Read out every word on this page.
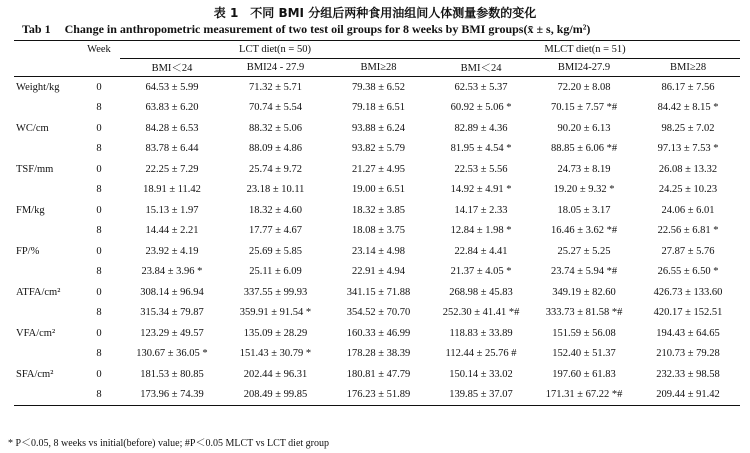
表 1　不同 BMI 分组后两种食用油组间人体测量参数的变化
Tab 1 Change in anthropometric measurement of two test oil groups for 8 weeks by BMI groups(x̄ ± s, kg/m²)
	Week	LCT diet(n = 50)			MLCT diet(n = 51)		
		BMI＜24	BMI24 - 27.9	BMI≥28	BMI＜24	BMI24-27.9	BMI≥28
Weight/kg	0	64.53 ± 5.99	71.32 ± 5.71	79.38 ± 6.52	62.53 ± 5.37	72.20 ± 8.08	86.17 ± 7.56
	8	63.83 ± 6.20	70.74 ± 5.54	79.18 ± 6.51	60.92 ± 5.06 *	70.15 ± 7.57 *#	84.42 ± 8.15 *
WC/cm	0	84.28 ± 6.53	88.32 ± 5.06	93.88 ± 6.24	82.89 ± 4.36	90.20 ± 6.13	98.25 ± 7.02
	8	83.78 ± 6.44	88.09 ± 4.86	93.82 ± 5.79	81.95 ± 4.54 *	88.85 ± 6.06 *#	97.13 ± 7.53 *
TSF/mm	0	22.25 ± 7.29	25.74 ± 9.72	21.27 ± 4.95	22.53 ± 5.56	24.73 ± 8.19	26.08 ± 13.32
	8	18.91 ± 11.42	23.18 ± 10.11	19.00 ± 6.51	14.92 ± 4.91 *	19.20 ± 9.32 *	24.25 ± 10.23
FM/kg	0	15.13 ± 1.97	18.32 ± 4.60	18.32 ± 3.85	14.17 ± 2.33	18.05 ± 3.17	24.06 ± 6.01
	8	14.44 ± 2.21	17.77 ± 4.67	18.08 ± 3.75	12.84 ± 1.98 *	16.46 ± 3.62 *#	22.56 ± 6.81 *
FP/%	0	23.92 ± 4.19	25.69 ± 5.85	23.14 ± 4.98	22.84 ± 4.41	25.27 ± 5.25	27.87 ± 5.76
	8	23.84 ± 3.96 *	25.11 ± 6.09	22.91 ± 4.94	21.37 ± 4.05 *	23.74 ± 5.94 *#	26.55 ± 6.50 *
ATFA/cm²	0	308.14 ± 96.94	337.55 ± 99.93	341.15 ± 71.88	268.98 ± 45.83	349.19 ± 82.60	426.73 ± 133.60
	8	315.34 ± 79.87	359.91 ± 91.54 *	354.52 ± 70.70	252.30 ± 41.41 *#	333.73 ± 81.58 *#	420.17 ± 152.51
VFA/cm²	0	123.29 ± 49.57	135.09 ± 28.29	160.33 ± 46.99	118.83 ± 33.89	151.59 ± 56.08	194.43 ± 64.65
	8	130.67 ± 36.05 *	151.43 ± 30.79 *	178.28 ± 38.39	112.44 ± 25.76 #	152.40 ± 51.37	210.73 ± 79.28
SFA/cm²	0	181.53 ± 80.85	202.44 ± 96.31	180.81 ± 47.79	150.14 ± 33.02	197.60 ± 61.83	232.33 ± 98.58
	8	173.96 ± 74.39	208.49 ± 99.85	176.23 ± 51.89	139.85 ± 37.07	171.31 ± 67.22 *#	209.44 ± 91.42
* P＜0.05, 8 weeks vs initial(before) value; #P＜0.05 MLCT vs LCT diet group
